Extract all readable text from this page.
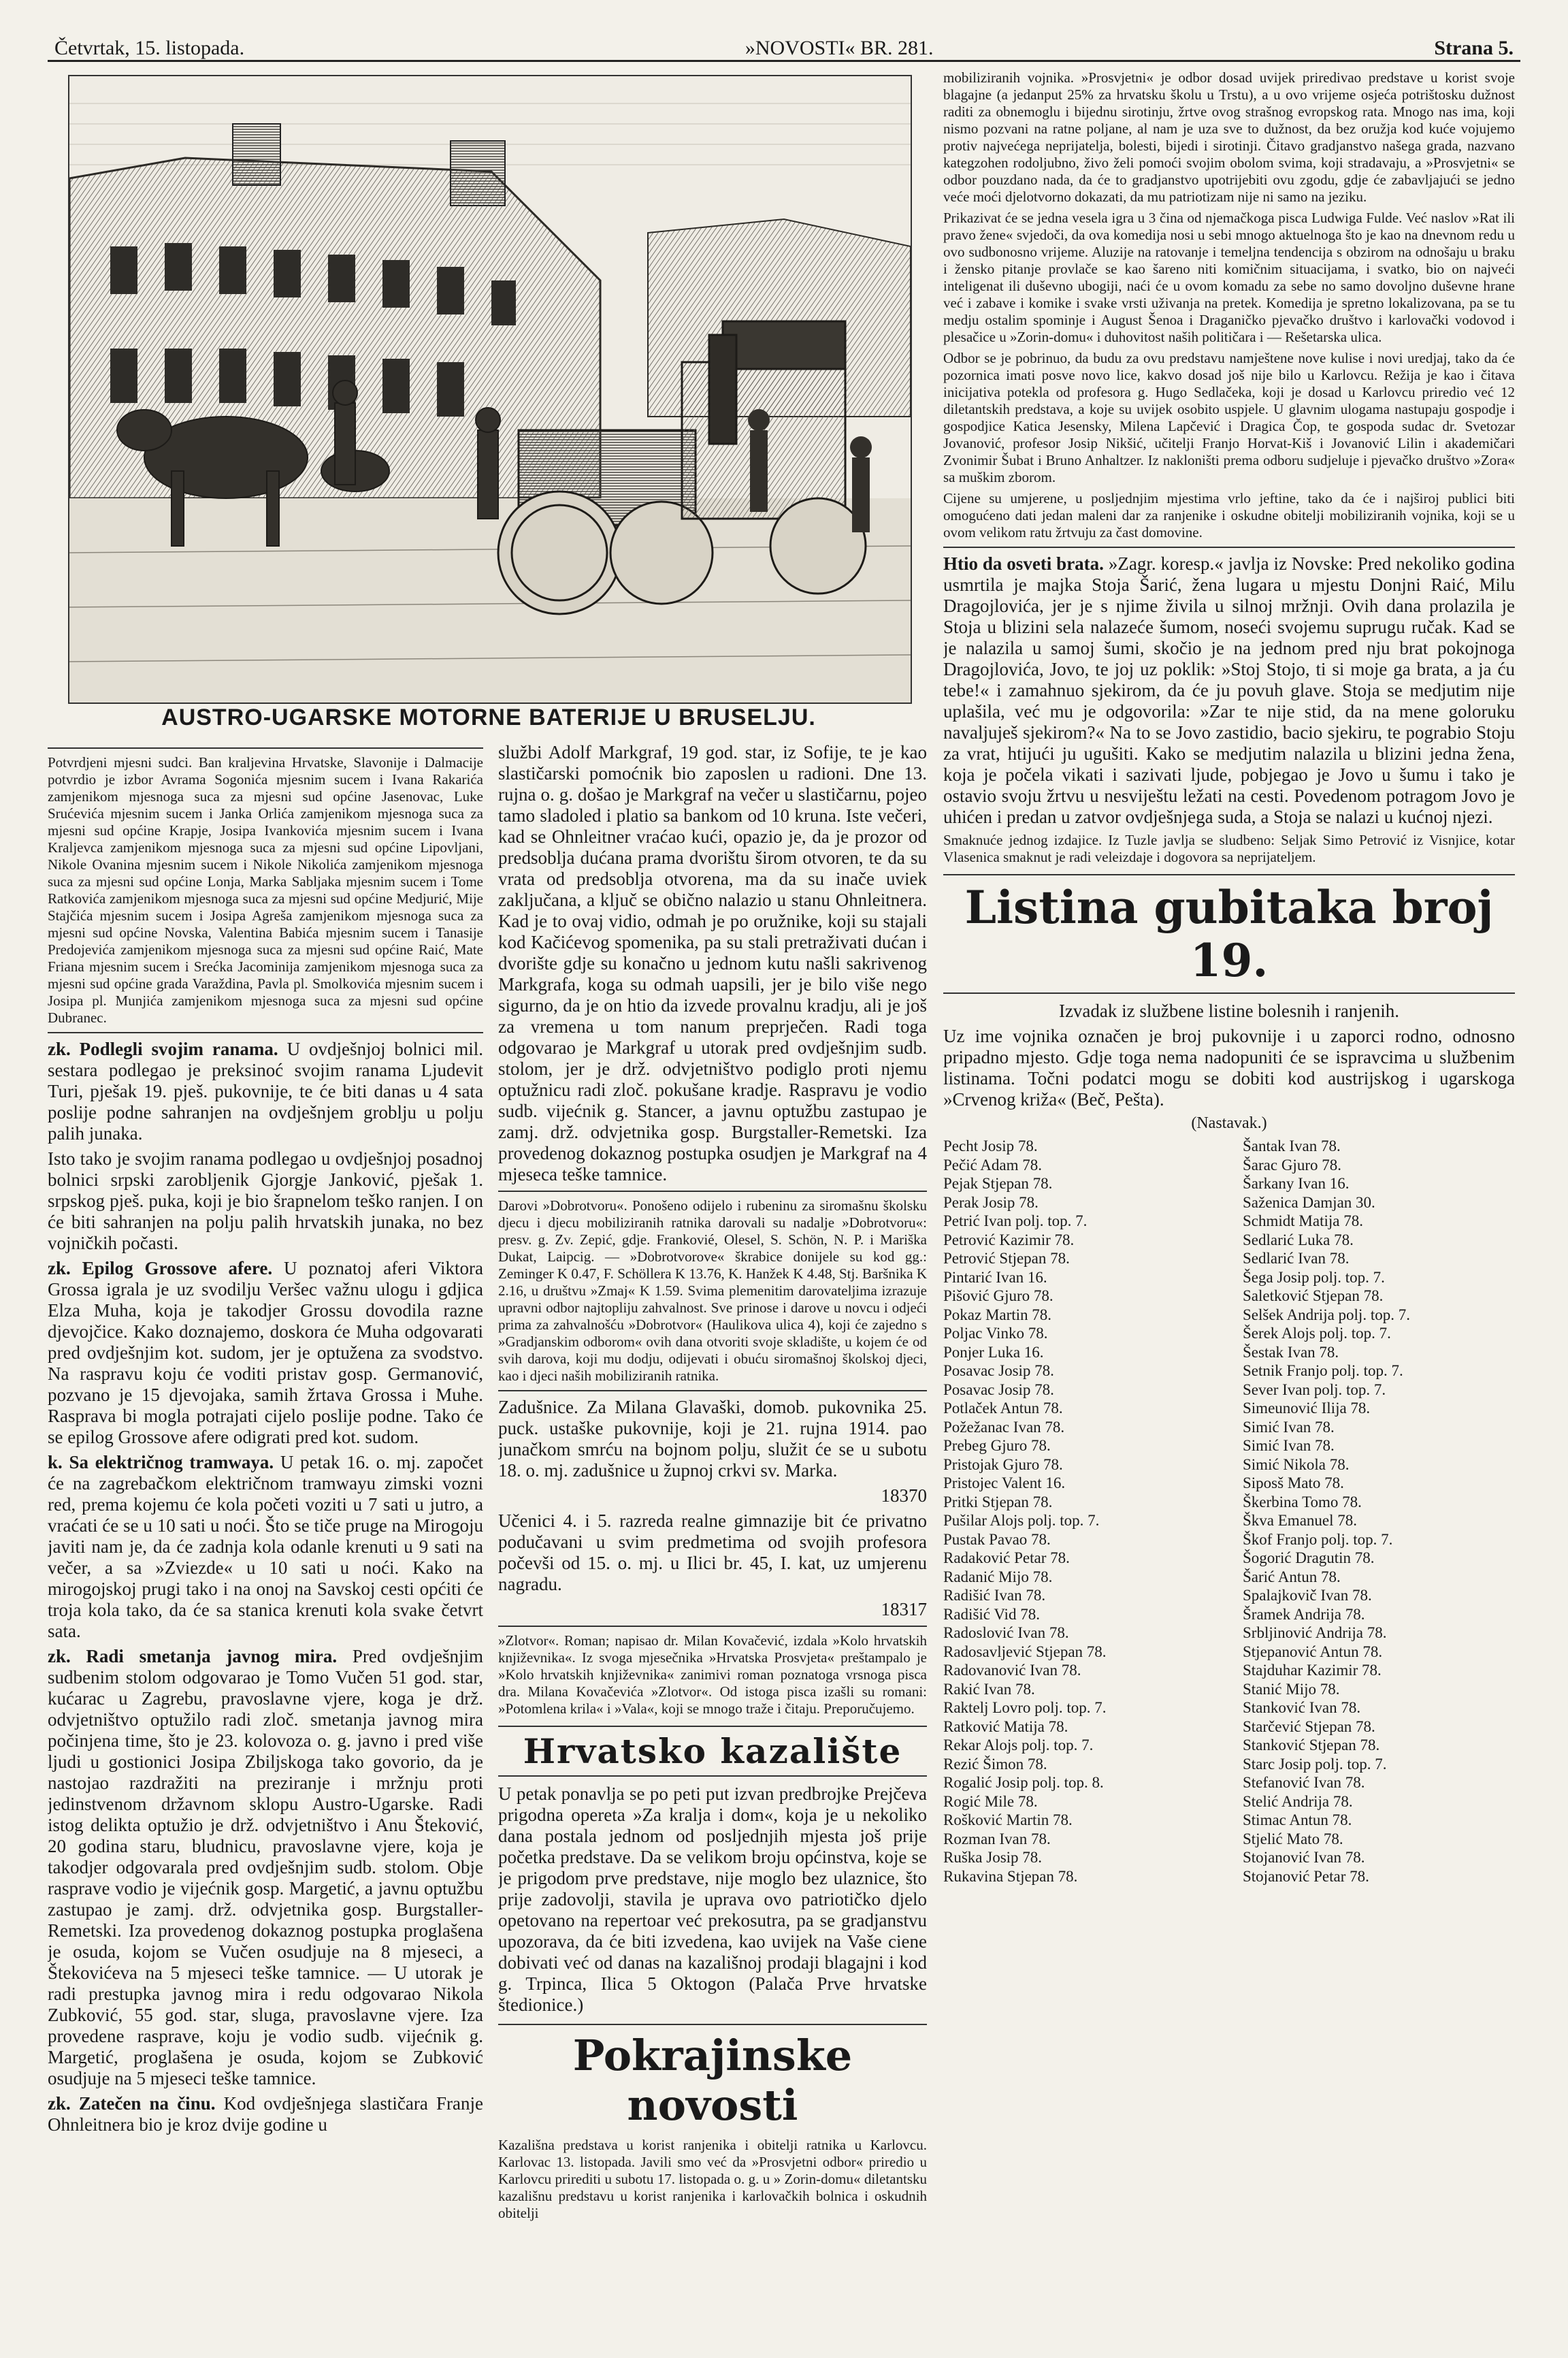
Četvrtak, 15. listopada.	»NOVOSTI« BR. 281.	Strana 5.
AUSTRO-UGARSKE MOTORNE BATERIJE U BRUSELJU.

Potvrdjeni mjesni sudci. Ban kraljevina Hrvatske, Slavonije i Dalmacije potvrdio je izbor Avrama Sogonića mjesnim sucem i Ivana Rakarića zamjenikom mjesnoga suca za mjesni sud općine Jasenovac, Luke Srućevića mjesnim sucem i Janka Orlića zamjenikom mjesnoga suca za mjesni sud općine Krapje, Josipa Ivankovića mjesnim sucem i Ivana Kraljevca zamjenikom mjesnoga suca za mjesni sud općine Lipovljani, Nikole Ovanina mjesnim sucem i Nikole Nikolića zamjenikom mjesnoga suca za mjesni sud općine Lonja, Marka Sabljaka mjesnim sucem i Tome Ratkovića zamjenikom mjesnoga suca za mjesni sud općine Medjurić, Mije Stajčića mjesnim sucem i Josipa Agreša zamjenikom mjesnoga suca za mjesni sud općine Novska, Valentina Babića mjesnim sucem i Tanasije Predojevića zamjenikom mjesnoga suca za mjesni sud općine Raić, Mate Friana mjesnim sucem i Srećka Jacominija zamjenikom mjesnoga suca za mjesni sud općine grada Varaždina, Pavla pl. Smolkovića mjesnim sucem i Josipa pl. Munjića zamjenikom mjesnoga suca za mjesni sud općine Dubranec.

zk. Podlegli svojim ranama. U ovdješnjoj bolnici mil. sestara podlegao je preksinoć svojim ranama Ljudevit Turi, pješak 19. pješ. pukovnije, te će biti danas u 4 sata poslije podne sahranjen na ovdješnjem groblju u polju palih junaka.

Isto tako je svojim ranama podlegao u ovdješnjoj posadnoj bolnici srpski zarobljenik Gjorgje Janković, pješak 1. srpskog pješ. puka, koji je bio šrapnelom teško ranjen. I on će biti sahranjen na polju palih hrvatskih junaka, no bez vojničkih počasti.

zk. Epilog Grossove afere. U poznatoj aferi Viktora Grossa igrala je uz svodilju Veršec važnu ulogu i gdjica Elza Muha, koja je takodjer Grossu dovodila razne djevojčice. Kako doznajemo, doskora će Muha odgovarati pred ovdješnjim kot. sudom, jer je optužena za svodstvo. Na raspravu koju će voditi pristav gosp. Germanović, pozvano je 15 djevojaka, samih žrtava Grossa i Muhe. Rasprava bi mogla potrajati cijelo poslije podne. Tako će se epilog Grossove afere odigrati pred kot. sudom.

k. Sa električnog tramwaya. U petak 16. o. mj. započet će na zagrebačkom električnom tramwayu zimski vozni red, prema kojemu će kola početi voziti u 7 sati u jutro, a vraćati će se u 10 sati u noći. Što se tiče pruge na Mirogoju javiti nam je, da će zadnja kola odanle krenuti u 9 sati na večer, a sa »Zviezde« u 10 sati u noći. Kako na mirogojskoj prugi tako i na onoj na Savskoj cesti općiti će troja kola tako, da će sa stanica krenuti kola svake četvrt sata.

zk. Radi smetanja javnog mira. Pred ovdješnjim sudbenim stolom odgovarao je Tomo Vučen 51 god. star, kućarac u Zagrebu, pravoslavne vjere, koga je drž. odvjetništvo optužilo radi zloč. smetanja javnog mira počinjena time, što je 23. kolovoza o. g. javno i pred više ljudi u gostionici Josipa Zbiljskoga tako govorio, da je nastojao razdražiti na preziranje i mržnju proti jedinstvenom državnom sklopu Austro-Ugarske. Radi istog delikta optužio je drž. odvjetništvo i Anu Šteković, 20 godina staru, bludnicu, pravoslavne vjere, koja je takodjer odgovarala pred ovdješnjim sudb. stolom. Obje rasprave vodio je vijećnik gosp. Margetić, a javnu optužbu zastupao je zamj. drž. odvjetnika gosp. Burgstaller-Remetski. Iza provedenog dokaznog postupka proglašena je osuda, kojom se Vučen osudjuje na 8 mjeseci, a Štekovićeva na 5 mjeseci teške tamnice. — U utorak je radi prestupka javnog mira i redu odgovarao Nikola Zubković, 55 god. star, sluga, pravoslavne vjere. Iza provedene rasprave, koju je vodio sudb. vijećnik g. Margetić, proglašena je osuda, kojom se Zubković osudjuje na 5 mjeseci teške tamnice.

zk. Zatečen na činu. Kod ovdješnjega slastičara Franje Ohnleitnera bio je kroz dvije godine u

službi Adolf Markgraf, 19 god. star, iz Sofije, te je kao slastičarski pomoćnik bio zaposlen u radioni. Dne 13. rujna o. g. došao je Markgraf na večer u slastičarnu, pojeo tamo sladoled i platio sa bankom od 10 kruna. Iste večeri, kad se Ohnleitner vraćao kući, opazio je, da je prozor od predsoblja dućana prama dvorištu širom otvoren, te da su vrata od predsoblja otvorena, ma da su inače uviek zaključana, a ključ se obično nalazio u stanu Ohnleitnera. Kad je to ovaj vidio, odmah je po oružnike, koji su stajali kod Kačićevog spomenika, pa su stali pretraživati dućan i dvorište gdje su konačno u jednom kutu našli sakrivenog Markgrafa, koga su odmah uapsili, jer je bilo više nego sigurno, da je on htio da izvede provalnu kradju, ali je još za vremena u tom nanum preprječen. Radi toga odgovarao je Markgraf u utorak pred ovdješnjim sudb. stolom, jer je drž. odvjetništvo podiglo proti njemu optužnicu radi zloč. pokušane kradje. Raspravu je vodio sudb. vijećnik g. Stancer, a javnu optužbu zastupao je zamj. drž. odvjetnika gosp. Burgstaller-Remetski. Iza provedenog dokaznog postupka osudjen je Markgraf na 4 mjeseca teške tamnice.

Darovi »Dobrotvoru«. Ponošeno odijelo i rubeninu za siromašnu školsku djecu i djecu mobiliziranih ratnika darovali su nadalje »Dobrotvoru«: presv. g. Zv. Zepić, gdje. Frankovié, Olesel, S. Schön, N. P. i Mariška Dukat, Laipcig. — »Dobrotvorove« škrabice donijele su kod gg.: Zeminger K 0.47, F. Schöllera K 13.76, K. Hanžek K 4.48, Stj. Baršnika K 2.16, u društvu »Zmaj« K 1.59. Svima plemenitim darovateljima izrazuje upravni odbor najtopliju zahvalnost. Sve prinose i darove u novcu i odjeći prima za zahvalnošću »Dobrotvor« (Haulikova ulica 4), koji će zajedno s »Gradjanskim odborom« ovih dana otvoriti svoje skladište, u kojem će od svih darova, koji mu dodju, odijevati i obuću siromašnoj školskoj djeci, kao i djeci naših mobiliziranih ratnika.

Zadušnice. Za Milana Glavaški, domob. pukovnika 25. puck. ustaške pukovnije, koji je 21. rujna 1914. pao junačkom smrću na bojnom polju, služit će se u subotu 18. o. mj. zadušnice u župnoj crkvi sv. Marka.

18370

Učenici 4. i 5. razreda realne gimnazije bit će privatno podučavani u svim predmetima od svojih profesora počevši od 15. o. mj. u Ilici br. 45, I. kat, uz umjerenu nagradu.

18317

»Zlotvor«. Roman; napisao dr. Milan Kovačević, izdala »Kolo hrvatskih književnika«. Iz svoga mjesečnika »Hrvatska Prosvjeta« preštampalo je »Kolo hrvatskih književnika« zanimivi roman poznatoga vrsnoga pisca dra. Milana Kovačevića »Zlotvor«. Od istoga pisca izašli su romani: »Potomlena krila« i »Vala«, koji se mnogo traže i čitaju. Preporučujemo.

Hrvatsko kazalište

U petak ponavlja se po peti put izvan predbrojke Prejčeva prigodna opereta »Za kralja i dom«, koja je u nekoliko dana postala jednom od posljednjih mjesta još prije početka predstave. Da se velikom broju općinstva, koje se je prigodom prve predstave, nije moglo bez ulaznice, što prije zadovolji, stavila je uprava ovo patriotičko djelo opetovano na repertoar već prekosutra, pa se gradjanstvu upozorava, da će biti izvedena, kao uvijek na Vaše ciene dobivati već od danas na kazališnoj prodaji blagajni i kod g. Trpinca, Ilica 5 Oktogon (Palača Prve hrvatske štedionice.)

Pokrajinske novosti

Kazališna predstava u korist ranjenika i obitelji ratnika u Karlovcu. Karlovac 13. listopada. Javili smo već da »Prosvjetni odbor« priredio u Karlovcu prirediti u subotu 17. listopada o. g. u » Zorin-domu« diletantsku kazališnu predstavu u korist ranjenika i karlovačkih bolnica i oskudnih obitelji

mobiliziranih vojnika. »Prosvjetni« je odbor dosad uvijek priredivao predstave u korist svoje blagajne (a jedanput 25% za hrvatsku školu u Trstu), a u ovo vrijeme osjeća potrištosku dužnost raditi za obnemoglu i bijednu sirotinju, žrtve ovog strašnog evropskog rata. Mnogo nas ima, koji nismo pozvani na ratne poljane, al nam je uza sve to dužnost, da bez oružja kod kuće vojujemo protiv najvećega neprijatelja, bolesti, bijedi i sirotinji. Čitavo gradjanstvo našega grada, nazvano kategzohen rodoljubno, živo želi pomoći svojim obolom svima, koji stradavaju, a »Prosvjetni« se odbor pouzdano nada, da će to gradjanstvo upotrijebiti ovu zgodu, gdje će zabavljajući se jedno veće moći djelotvorno dokazati, da mu patriotizam nije ni samo na jeziku.

Prikazivat će se jedna vesela igra u 3 čina od njemačkoga pisca Ludwiga Fulde. Već naslov »Rat ili pravo žene« svjedoči, da ova komedija nosi u sebi mnogo aktuelnoga što je kao na dnevnom redu u ovo sudbonosno vrijeme. Aluzije na ratovanje i temeljna tendencija s obzirom na odnošaju u braku i žensko pitanje provlače se kao šareno niti komičnim situacijama, i svatko, bio on najveći inteligenat ili duševno ubogiji, naći će u ovom komadu za sebe no samo dovoljno duševne hrane već i zabave i komike i svake vrsti uživanja na pretek. Komedija je spretno lokalizovana, pa se tu medju ostalim spominje i August Šenoa i Draganičko pjevačko društvo i karlovački vodovod i plesačice u »Zorin-domu« i duhovitost naših političara i — Rešetarska ulica.

Odbor se je pobrinuo, da budu za ovu predstavu namještene nove kulise i novi uredjaj, tako da će pozornica imati posve novo lice, kakvo dosad još nije bilo u Karlovcu. Režija je kao i čitava inicijativa potekla od profesora g. Hugo Sedlačeka, koji je dosad u Karlovcu priredio već 12 diletantskih predstava, a koje su uvijek osobito uspjele. U glavnim ulogama nastupaju gospodje i gospodjice Katica Jesensky, Milena Lapčević i Dragica Čop, te gospoda sudac dr. Svetozar Jovanović, profesor Josip Nikšić, učitelji Franjo Horvat-Kiš i Jovanović Lilin i akademičari Zvonimir Šubat i Bruno Anhaltzer. Iz nakloništi prema odboru sudjeluje i pjevačko društvo »Zora« sa muškim zborom.

Cijene su umjerene, u posljednjim mjestima vrlo jeftine, tako da će i najširoj publici biti omogućeno dati jedan maleni dar za ranjenike i oskudne obitelji mobiliziranih vojnika, koji se u ovom velikom ratu žrtvuju za čast domovine.

Htio da osveti brata. »Zagr. koresp.« javlja iz Novske: Pred nekoliko godina usmrtila je majka Stoja Šarić, žena lugara u mjestu Donjni Raić, Milu Dragojlovića, jer je s njime živila u silnoj mržnji. Ovih dana prolazila je Stoja u blizini sela nalazeće šumom, noseći svojemu suprugu ručak. Kad se je nalazila u samoj šumi, skočio je na jednom pred nju brat pokojnoga Dragojlovića, Jovo, te joj uz poklik: »Stoj Stojo, ti si moje ga brata, a ja ću tebe!« i zamahnuo sjekirom, da će ju povuh glave. Stoja se medjutim nije uplašila, već mu je odgovorila: »Zar te nije stid, da na mene goloruku navaljuješ sjekirom?« Na to se Jovo zastidio, bacio sjekiru, te pograbio Stoju za vrat, htijući ju ugušiti. Kako se medjutim nalazila u blizini jedna žena, koja je počela vikati i sazivati ljude, pobjegao je Jovo u šumu i tako je ostavio svoju žrtvu u nesviještu ležati na cesti. Povedenom potragom Jovo je uhićen i predan u zatvor ovdješnjega suda, a Stoja se nalazi u kućnoj njezi.

Smaknuće jednog izdajice. Iz Tuzle javlja se sludbeno: Seljak Simo Petrović iz Visnjice, kotar Vlasenica smaknut je radi veleizdaje i dogovora sa neprijateljem.

Listina gubitaka broj 19.

Izvadak iz službene listine bolesnih i ranjenih.

Uz ime vojnika označen je broj pukovnije i u zaporci rodno, odnosno pripadno mjesto. Gdje toga nema nadopuniti će se ispravcima u službenim listinama. Točni podatci mogu se dobiti kod austrijskog i ugarskoga »Crvenog križa« (Beč, Pešta).

(Nastavak.)
Pecht Josip 78.
Pečić Adam 78.
Pejak Stjepan 78.
Perak Josip 78.
Petrić Ivan polj. top. 7.
Petrović Kazimir 78.
Petrović Stjepan 78.
Pintarić Ivan 16.
Pišović Gjuro 78.
Pokaz Martin 78.
Poljac Vinko 78.
Ponjer Luka 16.
Posavac Josip 78.
Posavac Josip 78.
Potlaček Antun 78.
Požežanac Ivan 78.
Prebeg Gjuro 78.
Pristojak Gjuro 78.
Pristojec Valent 16.
Pritki Stjepan 78.
Pušilar Alojs polj. top. 7.
Pustak Pavao 78.
Radaković Petar 78.
Radanić Mijo 78.
Radišić Ivan 78.
Radišić Vid 78.
Radoslović Ivan 78.
Radosavljević Stjepan 78.
Radovanović Ivan 78.
Rakić Ivan 78.
Raktelj Lovro polj. top. 7.
Ratković Matija 78.
Rekar Alojs polj. top. 7.
Rezić Šimon 78.
Rogalić Josip polj. top. 8.
Rogić Mile 78.
Rošković Martin 78.
Rozman Ivan 78.
Ruška Josip 78.
Rukavina Stjepan 78.
Šantak Ivan 78.
Šarac Gjuro 78.
Šarkany Ivan 16.
Saženica Damjan 30.
Schmidt Matija 78.
Sedlarić Luka 78.
Sedlarić Ivan 78.
Šega Josip polj. top. 7.
Saletković Stjepan 78.
Selšek Andrija polj. top. 7.
Šerek Alojs polj. top. 7.
Šestak Ivan 78.
Setnik Franjo polj. top. 7.
Sever Ivan polj. top. 7.
Simeunović Ilija 78.
Simić Ivan 78.
Simić Ivan 78.
Simić Nikola 78.
Siposš Mato 78.
Škerbina Tomo 78.
Škva Emanuel 78.
Škof Franjo polj. top. 7.
Šogorić Dragutin 78.
Šarić Antun 78.
Spalajkovič Ivan 78.
Šramek Andrija 78.
Srbljinović Andrija 78.
Stjepanović Antun 78.
Stajduhar Kazimir 78.
Stanić Mijo 78.
Stanković Ivan 78.
Starčević Stjepan 78.
Stanković Stjepan 78.
Starc Josip polj. top. 7.
Stefanović Ivan 78.
Stelić Andrija 78.
Stimac Antun 78.
Stjelić Mato 78.
Stojanović Ivan 78.
Stojanović Petar 78.
